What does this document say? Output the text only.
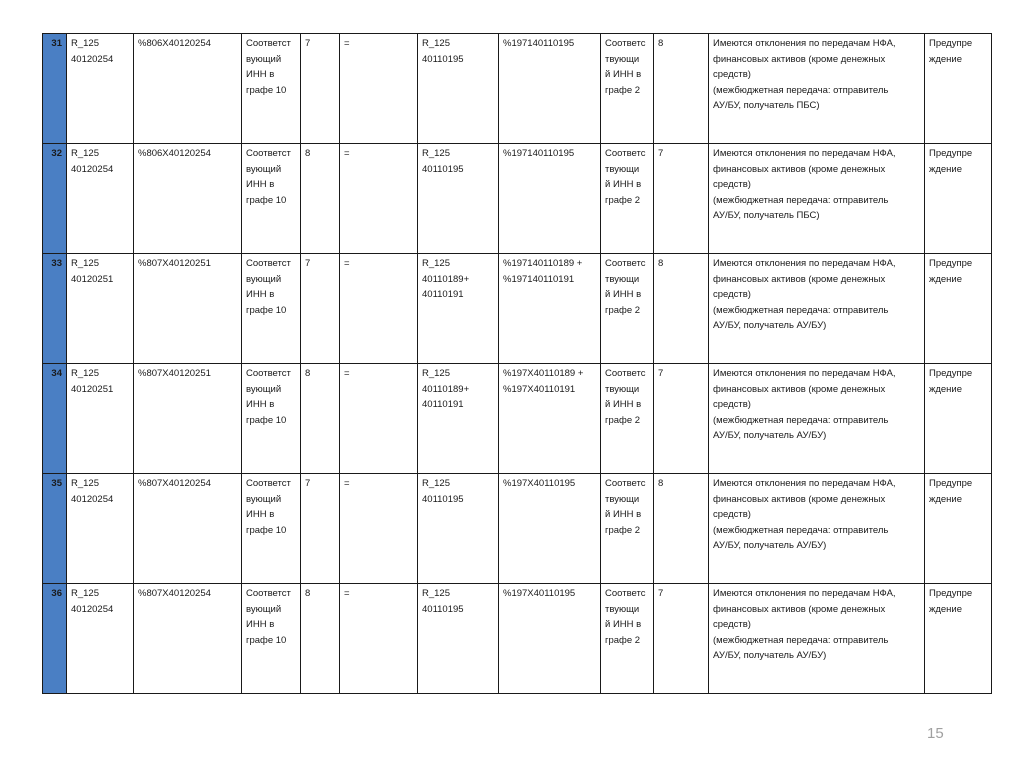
31	R_125
40120254	%806X40120254	Соответст
вующий
ИНН в
графе 10	7	=	R_125
40110195	%197140110195	Соответс
твующи
й ИНН в
графе 2	8	Имеются отклонения по передачам НФА,
финансовых активов (кроме денежных
средств)
(межбюджетная передача: отправитель
АУ/БУ, получатель ПБС)	Предупре
ждение

32	R_125
40120254	%806X40120254	Соответст
вующий
ИНН в
графе 10	8	=	R_125
40110195	%197140110195	Соответс
твующи
й ИНН в
графе 2	7	Имеются отклонения по передачам НФА,
финансовых активов (кроме денежных
средств)
(межбюджетная передача: отправитель
АУ/БУ, получатель ПБС)	Предупре
ждение

33	R_125
40120251	%807X40120251	Соответст
вующий
ИНН в
графе 10	7	=	R_125
40110189+
40110191	%197140110189 +
%197140110191	Соответс
твующи
й ИНН в
графе 2	8	Имеются отклонения по передачам НФА,
финансовых активов (кроме денежных
средств)
(межбюджетная передача: отправитель
АУ/БУ, получатель АУ/БУ)	Предупре
ждение

34	R_125
40120251	%807X40120251	Соответст
вующий
ИНН в
графе 10	8	=	R_125
40110189+
40110191	%197X40110189 +
%197X40110191	Соответс
твующи
й ИНН в
графе 2	7	Имеются отклонения по передачам НФА,
финансовых активов (кроме денежных
средств)
(межбюджетная передача: отправитель
АУ/БУ, получатель АУ/БУ)	Предупре
ждение

35	R_125
40120254	%807X40120254	Соответст
вующий
ИНН в
графе 10	7	=	R_125
40110195	%197X40110195	Соответс
твующи
й ИНН в
графе 2	8	Имеются отклонения по передачам НФА,
финансовых активов (кроме денежных
средств)
(межбюджетная передача: отправитель
АУ/БУ, получатель АУ/БУ)	Предупре
ждение

36	R_125
40120254	%807X40120254	Соответст
вующий
ИНН в
графе 10	8	=	R_125
40110195	%197X40110195	Соответс
твующи
й ИНН в
графе 2	7	Имеются отклонения по передачам НФА,
финансовых активов (кроме денежных
средств)
(межбюджетная передача: отправитель
АУ/БУ, получатель АУ/БУ)	Предупре
ждение
15
